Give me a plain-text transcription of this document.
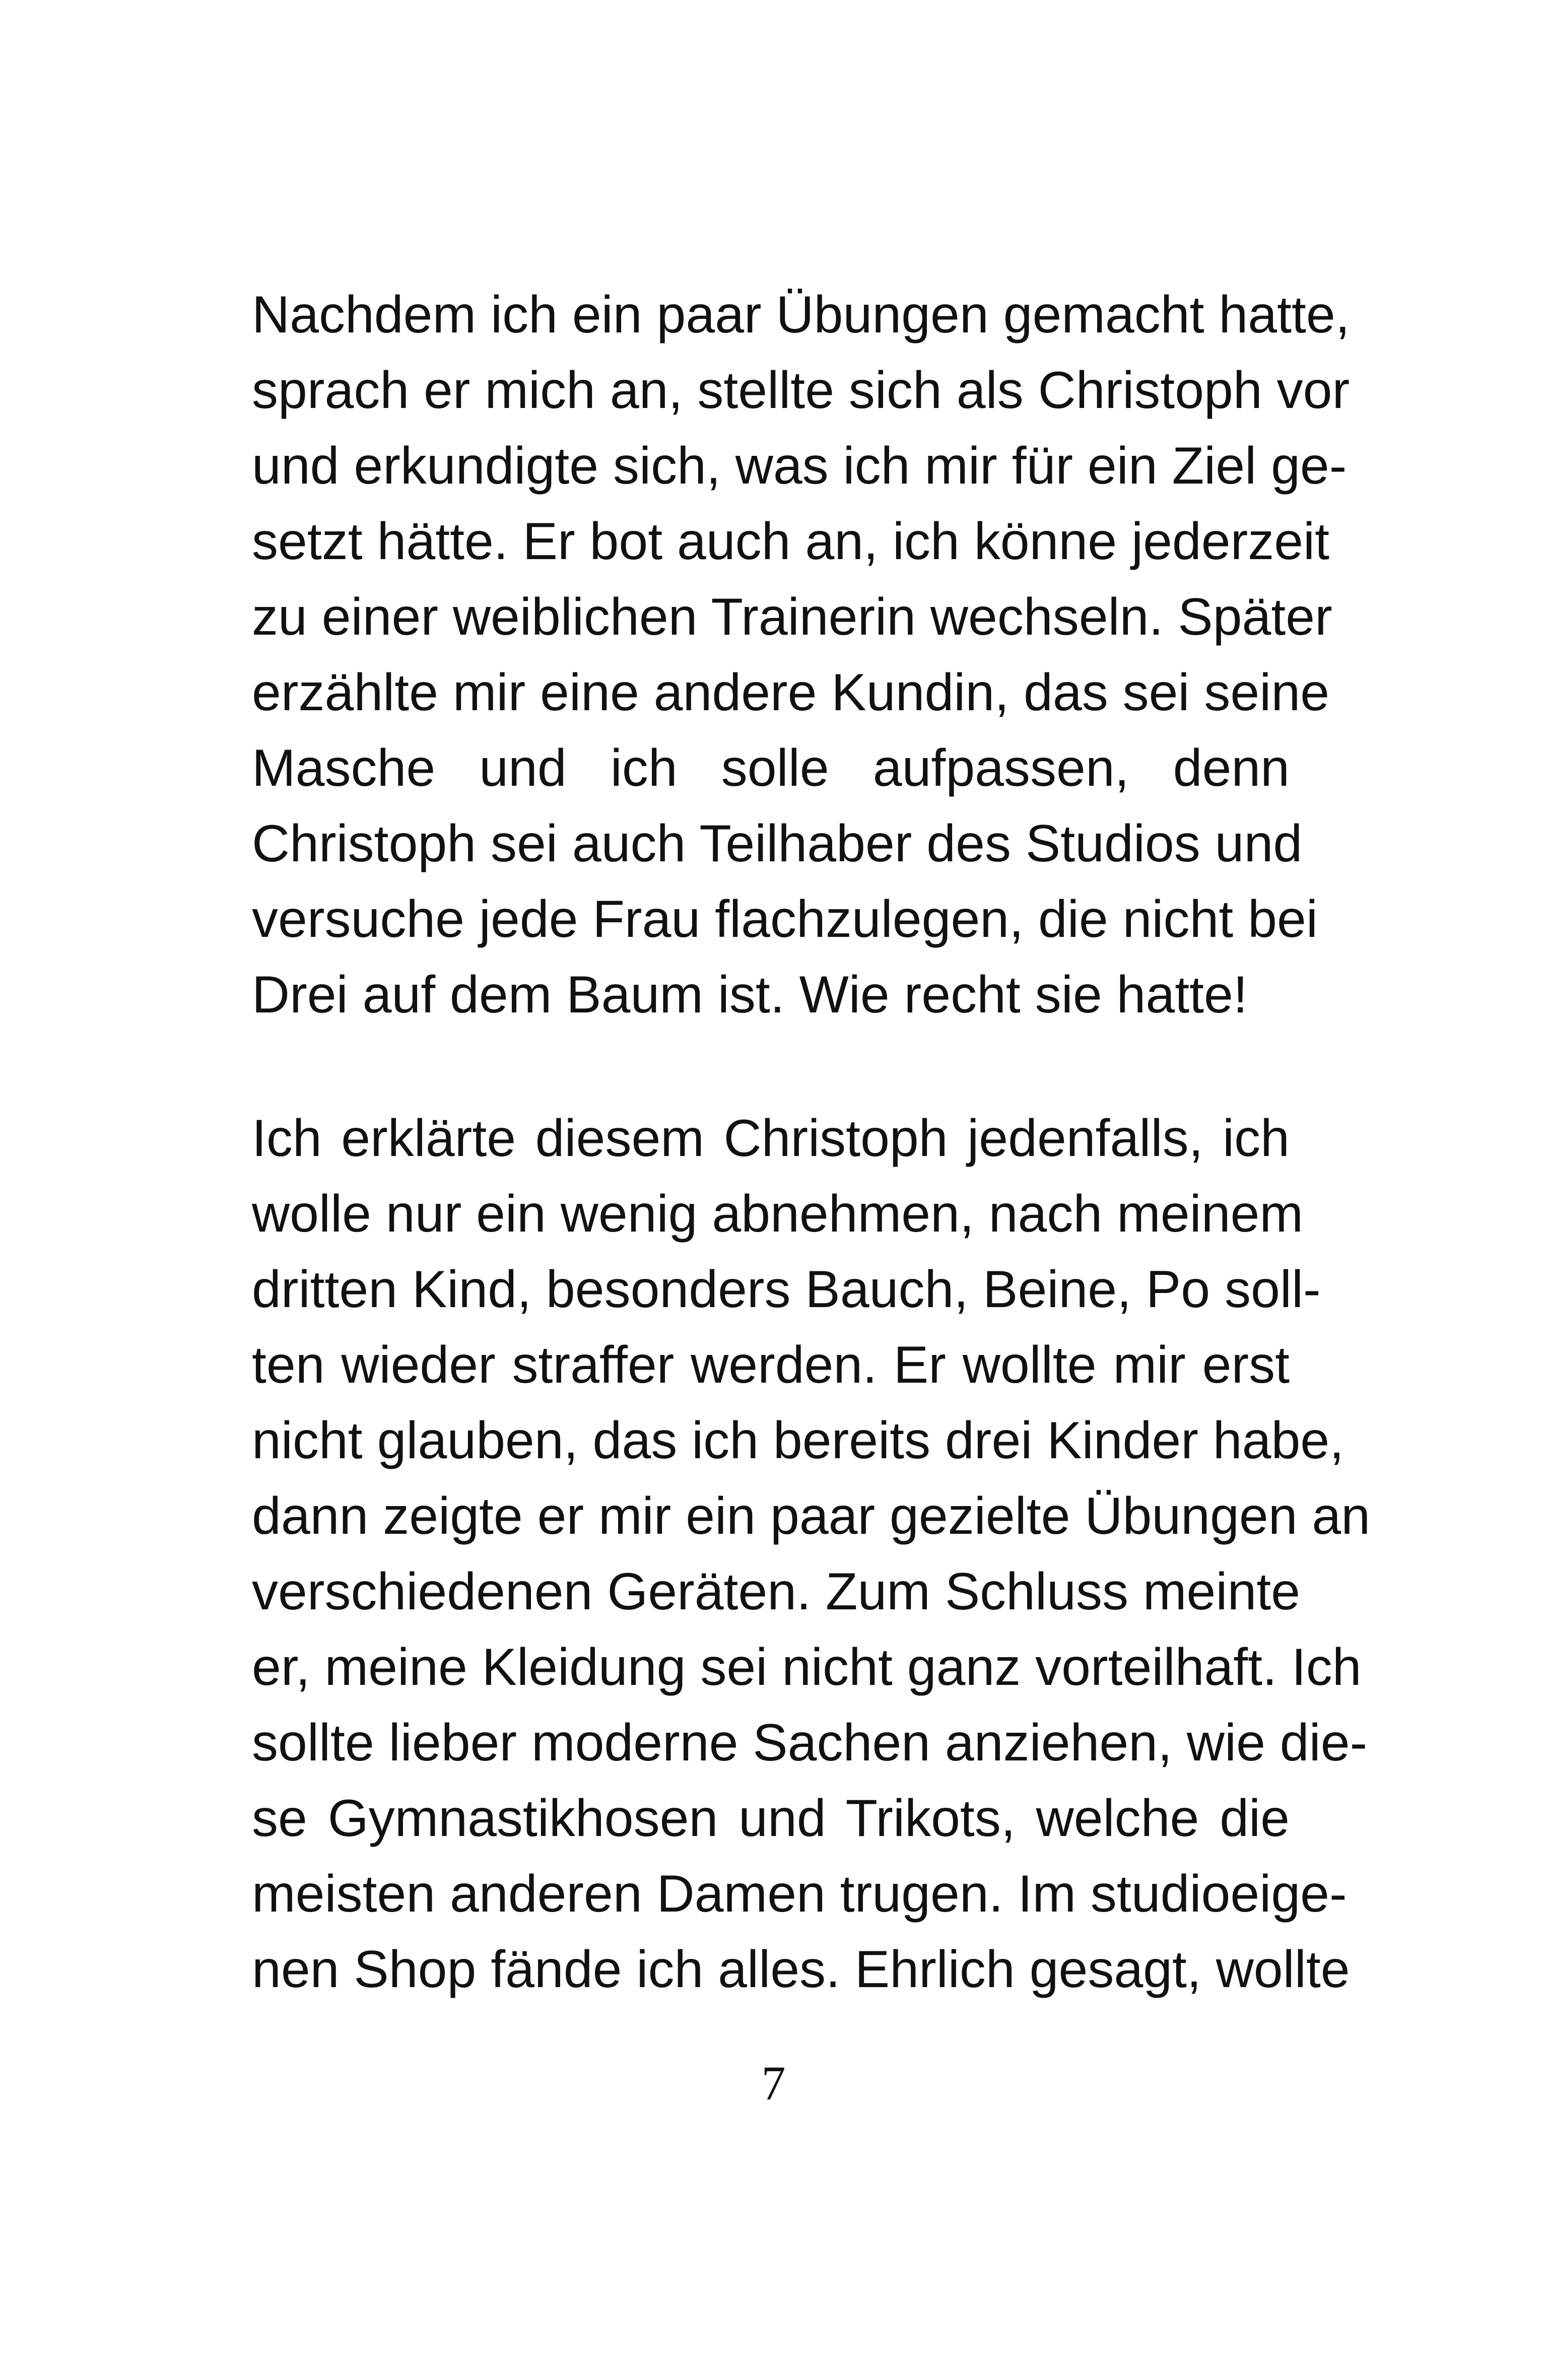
Nachdem ich ein paar Übungen gemacht hatte,
sprach er mich an, stellte sich als Christoph vor
und erkundigte sich, was ich mir für ein Ziel ge-
setzt hätte. Er bot auch an, ich könne jederzeit
zu einer weiblichen Trainerin wechseln. Später
erzählte mir eine andere Kundin, das sei seine
Masche und ich solle aufpassen, denn
Christoph sei auch Teilhaber des Studios und
versuche jede Frau flachzulegen, die nicht bei
Drei auf dem Baum ist. Wie recht sie hatte!
Ich erklärte diesem Christoph jedenfalls, ich
wolle nur ein wenig abnehmen, nach meinem
dritten Kind, besonders Bauch, Beine, Po soll-
ten wieder straffer werden. Er wollte mir erst
nicht glauben, das ich bereits drei Kinder habe,
dann zeigte er mir ein paar gezielte Übungen an
verschiedenen Geräten. Zum Schluss meinte
er, meine Kleidung sei nicht ganz vorteilhaft. Ich
sollte lieber moderne Sachen anziehen, wie die-
se Gymnastikhosen und Trikots, welche die
meisten anderen Damen trugen. Im studioeige-
nen Shop fände ich alles. Ehrlich gesagt, wollte
7
